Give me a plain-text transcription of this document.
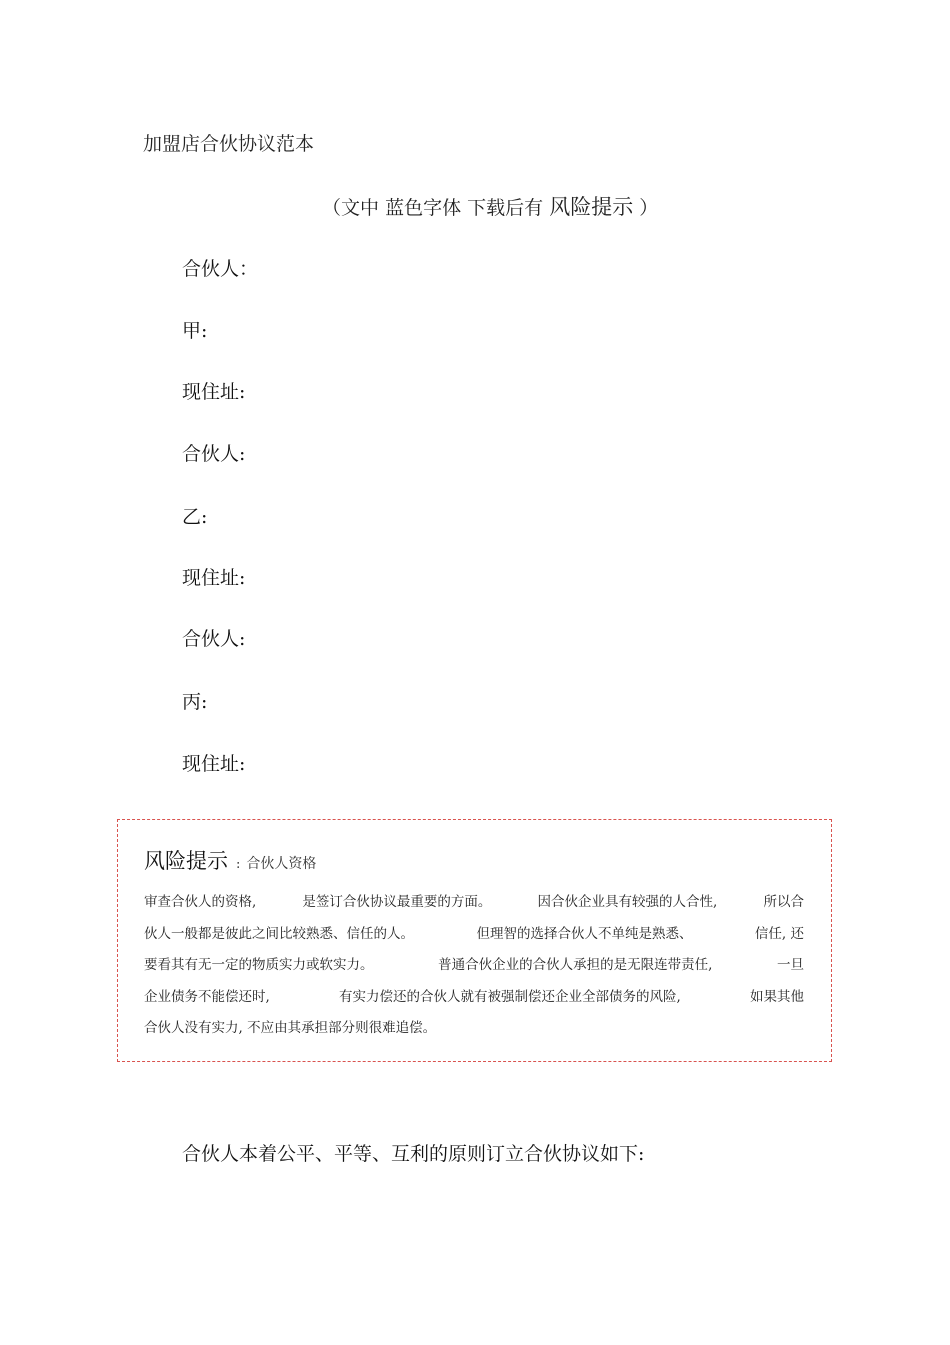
加盟店合伙协议范本
（文中 蓝色字体 下载后有 风险提示 ）
合伙人：
甲:
现住址:
合伙人:
乙:
现住址:
合伙人:
丙:
现住址:
风险提示 : 合伙人资格
审查合伙人的资格,	是签订合伙协议最重要的方面。	因合伙企业具有较强的人合性,	所以合
伙人一般都是彼此之间比较熟悉、信任的人。	但理智的选择合伙人不单纯是熟悉、	信任, 还
要看其有无一定的物质实力或软实力。	普通合伙企业的合伙人承担的是无限连带责任,	一旦
企业债务不能偿还时,	有实力偿还的合伙人就有被强制偿还企业全部债务的风险,	如果其他
合伙人没有实力, 不应由其承担部分则很难追偿。
合伙人本着公平、平等、互利的原则订立合伙协议如下:
